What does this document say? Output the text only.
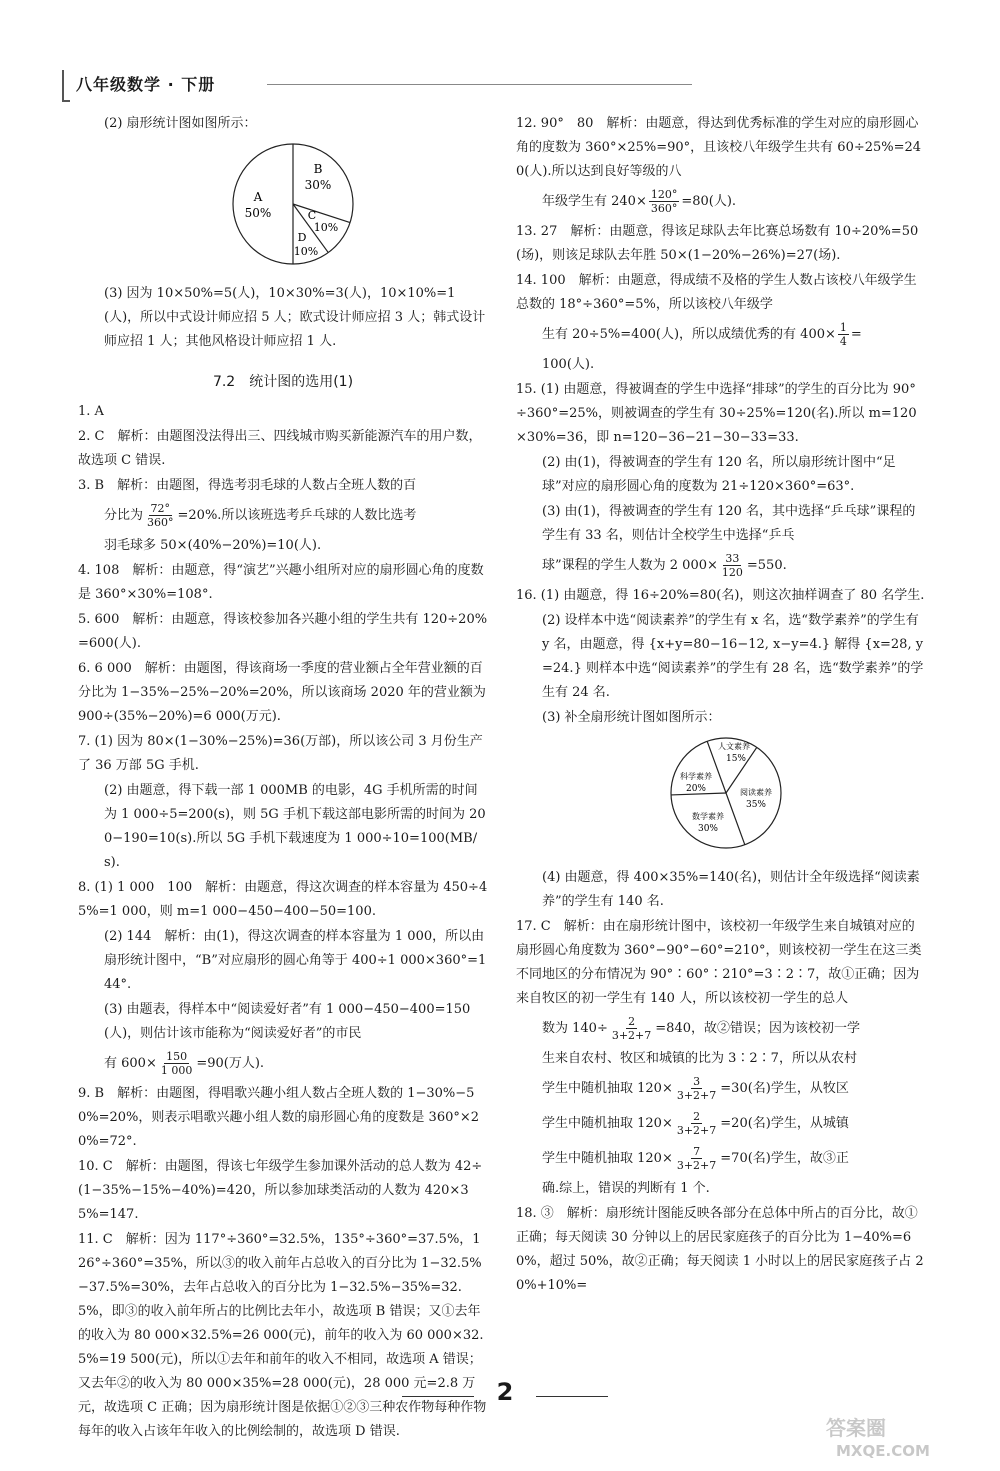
八年级数学 · 下册

(2) 扇形统计图如图所示：

A
50%
B
30%
C
10%
D
10%

(3) 因为 10×50%=5(人)，10×30%=3(人)，10×10%=1(人)，所以中式设计师应招 5 人；欧式设计师应招 3 人；韩式设计师应招 1 人；其他风格设计师应招 1 人.

7.2　统计图的选用(1)

1. A

2. C　解析：由题图没法得出三、四线城市购买新能源汽车的用户数，故选项 C 错误.

3. B　解析：由题图，得选考羽毛球的人数占全班人数的百

分比为 $\frac{72^\circ}{360^\circ} =20\%$.所以该班选考乒乓球的人数比选考

羽毛球多 50×(40%−20%)=10(人).

4. 108　解析：由题意，得“演艺”兴趣小组所对应的扇形圆心角的度数是 360°×30%=108°.

5. 600　解析：由题意，得该校参加各兴趣小组的学生共有 120÷20%=600(人).

6. 6 000　解析：由题图，得该商场一季度的营业额占全年营业额的百分比为 1−35%−25%−20%=20%，所以该商场 2020 年的营业额为 900÷(35%−20%)=6 000(万元).

7. (1) 因为 80×(1−30%−25%)=36(万部)，所以该公司 3 月份生产了 36 万部 5G 手机.

(2) 由题意，得下载一部 1 000MB 的电影，4G 手机所需的时间为 1 000÷5=200(s)，则 5G 手机下载这部电影所需的时间为 200−190=10(s).所以 5G 手机下载速度为 1 000÷10=100(MB/s).

8. (1) 1 000　100　解析：由题意，得这次调查的样本容量为 450÷45%=1 000，则 m=1 000−450−400−50=100.

(2) 144　解析：由(1)，得这次调查的样本容量为 1 000，所以由扇形统计图中，“B”对应扇形的圆心角等于 400÷1 000×360°=144°.

(3) 由题表，得样本中“阅读爱好者”有 1 000−450−400=150(人)，则估计该市能称为“阅读爱好者”的市民

有 $600\times \frac{150}{1 000} =90$(万人).

9. B　解析：由题图，得唱歌兴趣小组人数占全班人数的 1−30%−50%=20%，则表示唱歌兴趣小组人数的扇形圆心角的度数是 360°×20%=72°.

10. C　解析：由题图，得该七年级学生参加课外活动的总人数为 42÷(1−35%−15%−40%)=420，所以参加球类活动的人数为 420×35%=147.

11. C　解析：因为 117°÷360°=32.5%，135°÷360°=37.5%，126°÷360°=35%，所以③的收入前年占总收入的百分比为 1−32.5%−37.5%=30%，去年占总收入的百分比为 1−32.5%−35%=32.5%，即③的收入前年所占的比例比去年小，故选项 B 错误；又①去年的收入为 80 000×32.5%=26 000(元)，前年的收入为 60 000×32.5%=19 500(元)，所以①去年和前年的收入不相同，故选项 A 错误；又去年②的收入为 80 000×35%=28 000(元)，28 000 元=2.8 万元，故选项 C 正确；因为扇形统计图是依据①②③三种农作物每种作物每年的收入占该年年收入的比例绘制的，故选项 D 错误.

12. 90°　80　解析：由题意，得达到优秀标准的学生对应的扇形圆心角的度数为 360°×25%=90°，且该校八年级学生共有 60÷25%=240(人).所以达到良好等级的八

年级学生有 $240\times \frac{120^\circ}{360^\circ} =80$(人).

13. 27　解析：由题意，得该足球队去年比赛总场数有 10÷20%=50(场)，则该足球队去年胜 50×(1−20%−26%)=27(场).

14. 100　解析：由题意，得成绩不及格的学生人数占该校八年级学生总数的 18°÷360°=5%，所以该校八年级学

生有 20÷5%=400(人)，所以成绩优秀的有 $400\times \frac{1}{4}$ =

100(人).

15. (1) 由题意，得被调查的学生中选择“排球”的学生的百分比为 90°÷360°=25%，则被调查的学生有 30÷25%=120(名).所以 m=120×30%=36，即 n=120−36−21−30−33=33.

(2) 由(1)，得被调查的学生有 120 名，所以扇形统计图中“足球”对应的扇形圆心角的度数为 21÷120×360°=63°.

(3) 由(1)，得被调查的学生有 120 名，其中选择“乒乓球”课程的学生有 33 名，则估计全校学生中选择“乒乓

球”课程的学生人数为 2 $000\times \frac{33}{120} =550$.

16. (1) 由题意，得 16÷20%=80(名)，则这次抽样调查了 80 名学生.

(2) 设样本中选“阅读素养”的学生有 x 名，选“数学素养”的学生有 y 名，由题意，得 {x+y=80−16−12, x−y=4.} 解得 {x=28, y=24.} 则样本中选“阅读素养”的学生有 28 名，选“数学素养”的学生有 24 名.

(3) 补全扇形统计图如图所示：

人文素养
15%
科学素养
20%	阅读素养
35%
数学素养
30%

(4) 由题意，得 400×35%=140(名)，则估计全年级选择“阅读素养”的学生有 140 名.

17. C　解析：由在扇形统计图中，该校初一年级学生来自城镇对应的扇形圆心角度数为 360°−90°−60°=210°，则该校初一学生在这三类不同地区的分布情况为 90°∶60°∶210°=3∶2∶7，故①正确；因为来自牧区的初一学生有 140 人，所以该校初一学生的总人

数为 $140\div \frac{2}{3+2+7} =840$，故②错误；因为该校初一学

生来自农村、牧区和城镇的比为 3∶2∶7，所以从农村

学生中随机抽取 $120\times \frac{3}{3+2+7} =30$(名)学生，从牧区

学生中随机抽取 $120\times \frac{2}{3+2+7} =20$(名)学生，从城镇

学生中随机抽取 $120\times \frac{7}{3+2+7} =70$(名)学生，故③正

确.综上，错误的判断有 1 个.

18. ③　解析：扇形统计图能反映各部分在总体中所占的百分比，故①正确；每天阅读 30 分钟以上的居民家庭孩子的百分比为 1−40%=60%，超过 50%，故②正确；每天阅读 1 小时以上的居民家庭孩子占 20%+10%=

2
答案圈
MXQE.COM
